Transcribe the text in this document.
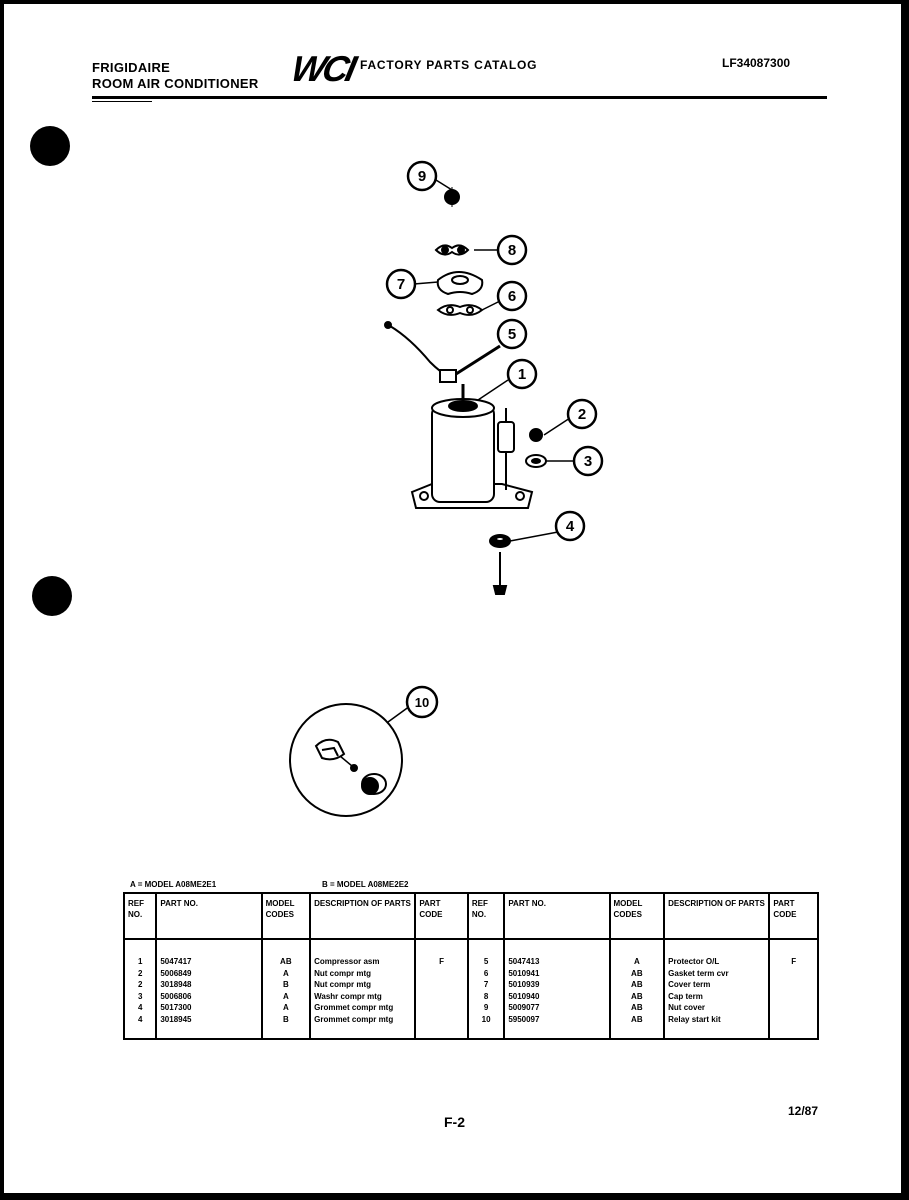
FRIGIDAIRE
ROOM AIR CONDITIONER WCI FACTORY PARTS CATALOG	LF34087300
9
8
7
6
5
1
2
3
4
10
A = MODEL A08ME2E1	B = MODEL A08ME2E2
REF NO.	PART NO.	MODEL CODES	DESCRIPTION OF PARTS	PART CODE	REF NO.	PART NO.	MODEL CODES	DESCRIPTION OF PARTS	PART CODE

1	5047417	AB	Compressor asm	F	5	5047413	A	Protector O/L	F
2	5006849	A	Nut compr mtg		6	5010941	AB	Gasket term cvr	
2	3018948	B	Nut compr mtg		7	5010939	AB	Cover term	
3	5006806	A	Washr compr mtg		8	5010940	AB	Cap term	
4	5017300	A	Grommet compr mtg		9	5009077	AB	Nut cover	
4	3018945	B	Grommet compr mtg		10	5950097	AB	Relay start kit	
F-2
12/87
